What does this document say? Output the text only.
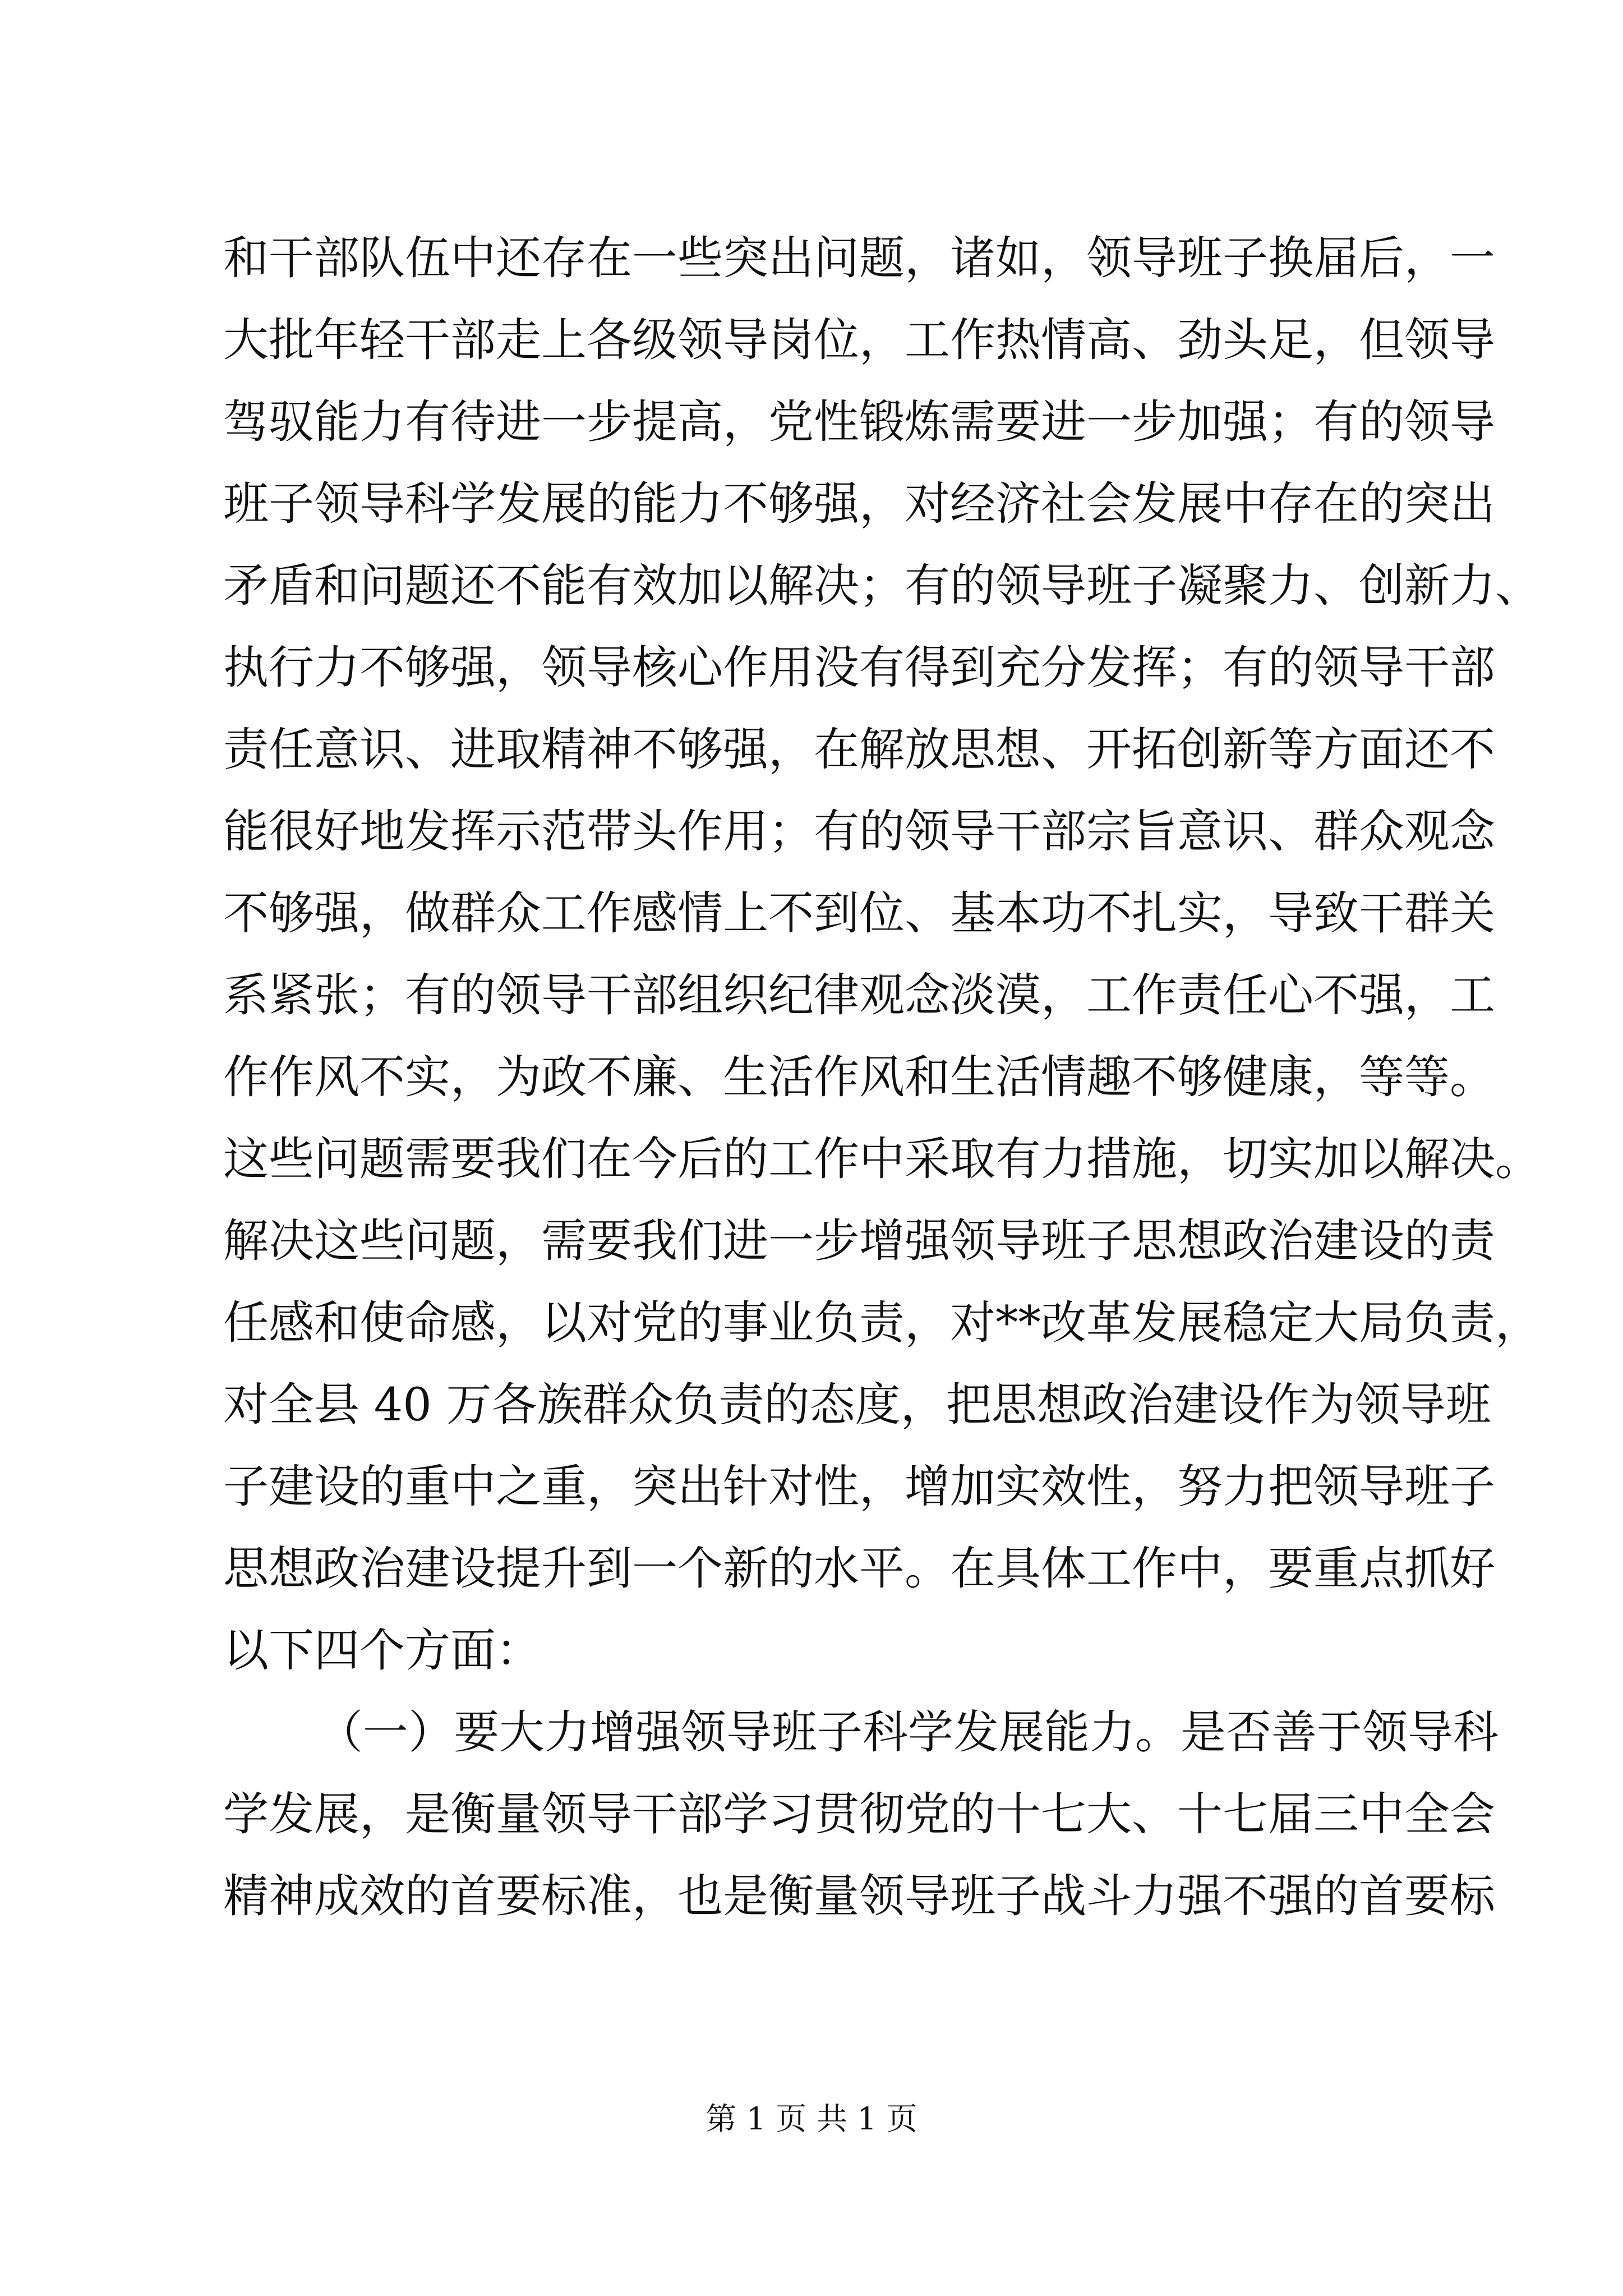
和干部队伍中还存在一些突出问题，诸如，领导班子换届后，一
大批年轻干部走上各级领导岗位，工作热情高、劲头足，但领导
驾驭能力有待进一步提高，党性锻炼需要进一步加强；有的领导
班子领导科学发展的能力不够强，对经济社会发展中存在的突出
矛盾和问题还不能有效加以解决；有的领导班子凝聚力、创新力、
执行力不够强，领导核心作用没有得到充分发挥；有的领导干部
责任意识、进取精神不够强，在解放思想、开拓创新等方面还不
能很好地发挥示范带头作用；有的领导干部宗旨意识、群众观念
不够强，做群众工作感情上不到位、基本功不扎实，导致干群关
系紧张；有的领导干部组织纪律观念淡漠，工作责任心不强，工
作作风不实，为政不廉、生活作风和生活情趣不够健康，等等。
这些问题需要我们在今后的工作中采取有力措施，切实加以解决。
解决这些问题，需要我们进一步增强领导班子思想政治建设的责
任感和使命感，以对党的事业负责，对**改革发展稳定大局负责，
对全县 40 万各族群众负责的态度，把思想政治建设作为领导班
子建设的重中之重，突出针对性，增加实效性，努力把领导班子
思想政治建设提升到一个新的水平。在具体工作中，要重点抓好
以下四个方面：
（一）要大力增强领导班子科学发展能力。是否善于领导科
学发展，是衡量领导干部学习贯彻党的十七大、十七届三中全会
精神成效的首要标准，也是衡量领导班子战斗力强不强的首要标
第 1 页 共 1 页
